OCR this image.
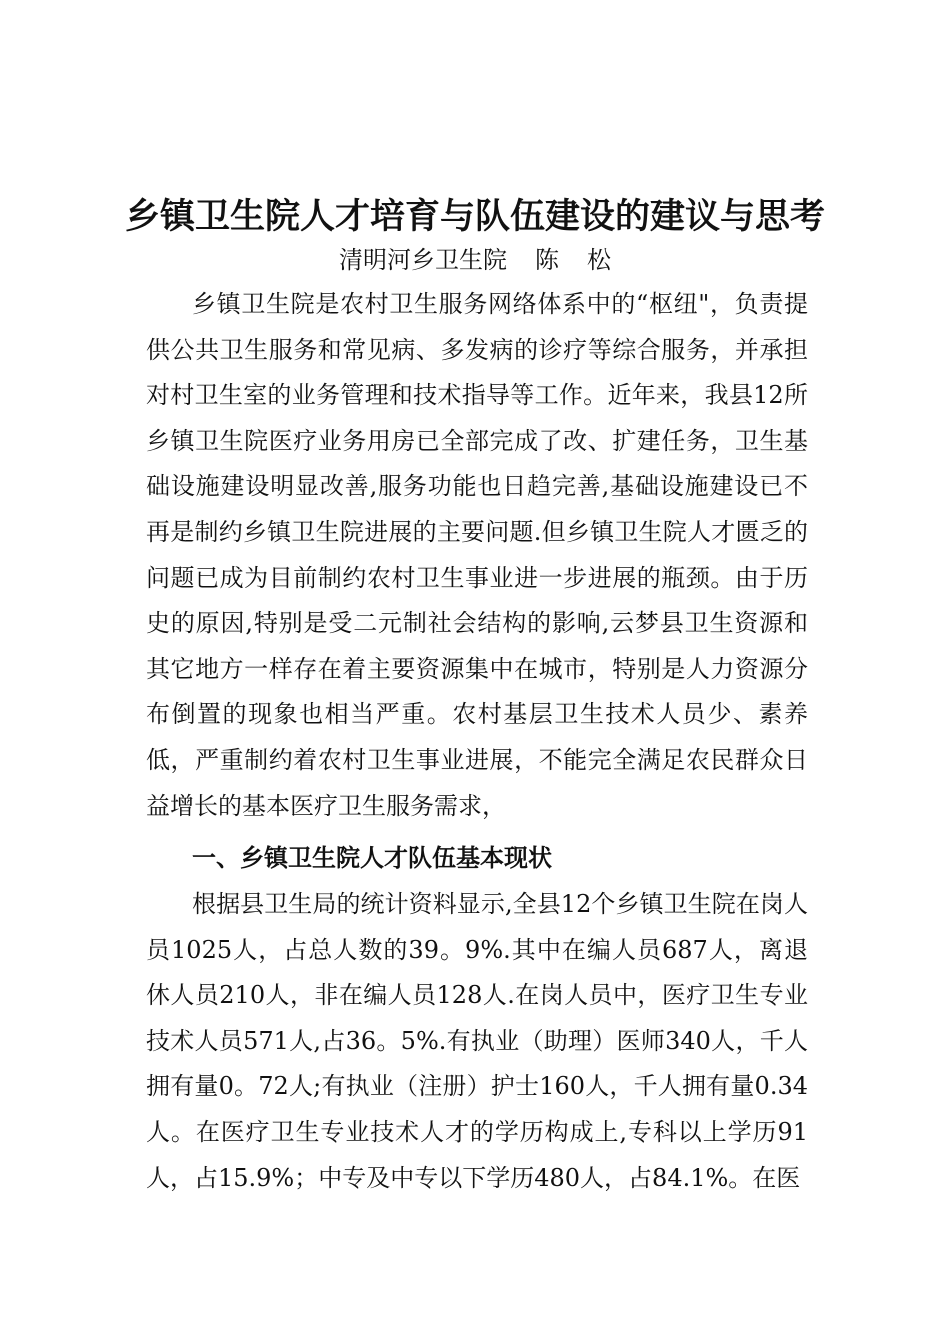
乡镇卫生院人才培育与队伍建设的建议与思考
清明河乡卫生院 陈 松

乡镇卫生院是农村卫生服务网络体系中的“枢纽"，负责提供公共卫生服务和常见病、多发病的诊疗等综合服务，并承担对村卫生室的业务管理和技术指导等工作。近年来，我县12所乡镇卫生院医疗业务用房已全部完成了改、扩建任务，卫生基础设施建设明显改善,服务功能也日趋完善,基础设施建设已不再是制约乡镇卫生院进展的主要问题.但乡镇卫生院人才匮乏的问题已成为目前制约农村卫生事业进一步进展的瓶颈。由于历史的原因,特别是受二元制社会结构的影响,云梦县卫生资源和其它地方一样存在着主要资源集中在城市，特别是人力资源分布倒置的现象也相当严重。农村基层卫生技术人员少、素养低，严重制约着农村卫生事业进展，不能完全满足农民群众日益增长的基本医疗卫生服务需求，

一、乡镇卫生院人才队伍基本现状

根据县卫生局的统计资料显示,全县12个乡镇卫生院在岗人员1025人，占总人数的39。9%.其中在编人员687人，离退休人员210人，非在编人员128人.在岗人员中，医疗卫生专业技术人员571人,占36。5%.有执业（助理）医师340人，千人拥有量0。72人;有执业（注册）护士160人，千人拥有量0.34人。在医疗卫生专业技术人才的学历构成上,专科以上学历91人，占15.9%；中专及中专以下学历480人，占84.1%。在医
